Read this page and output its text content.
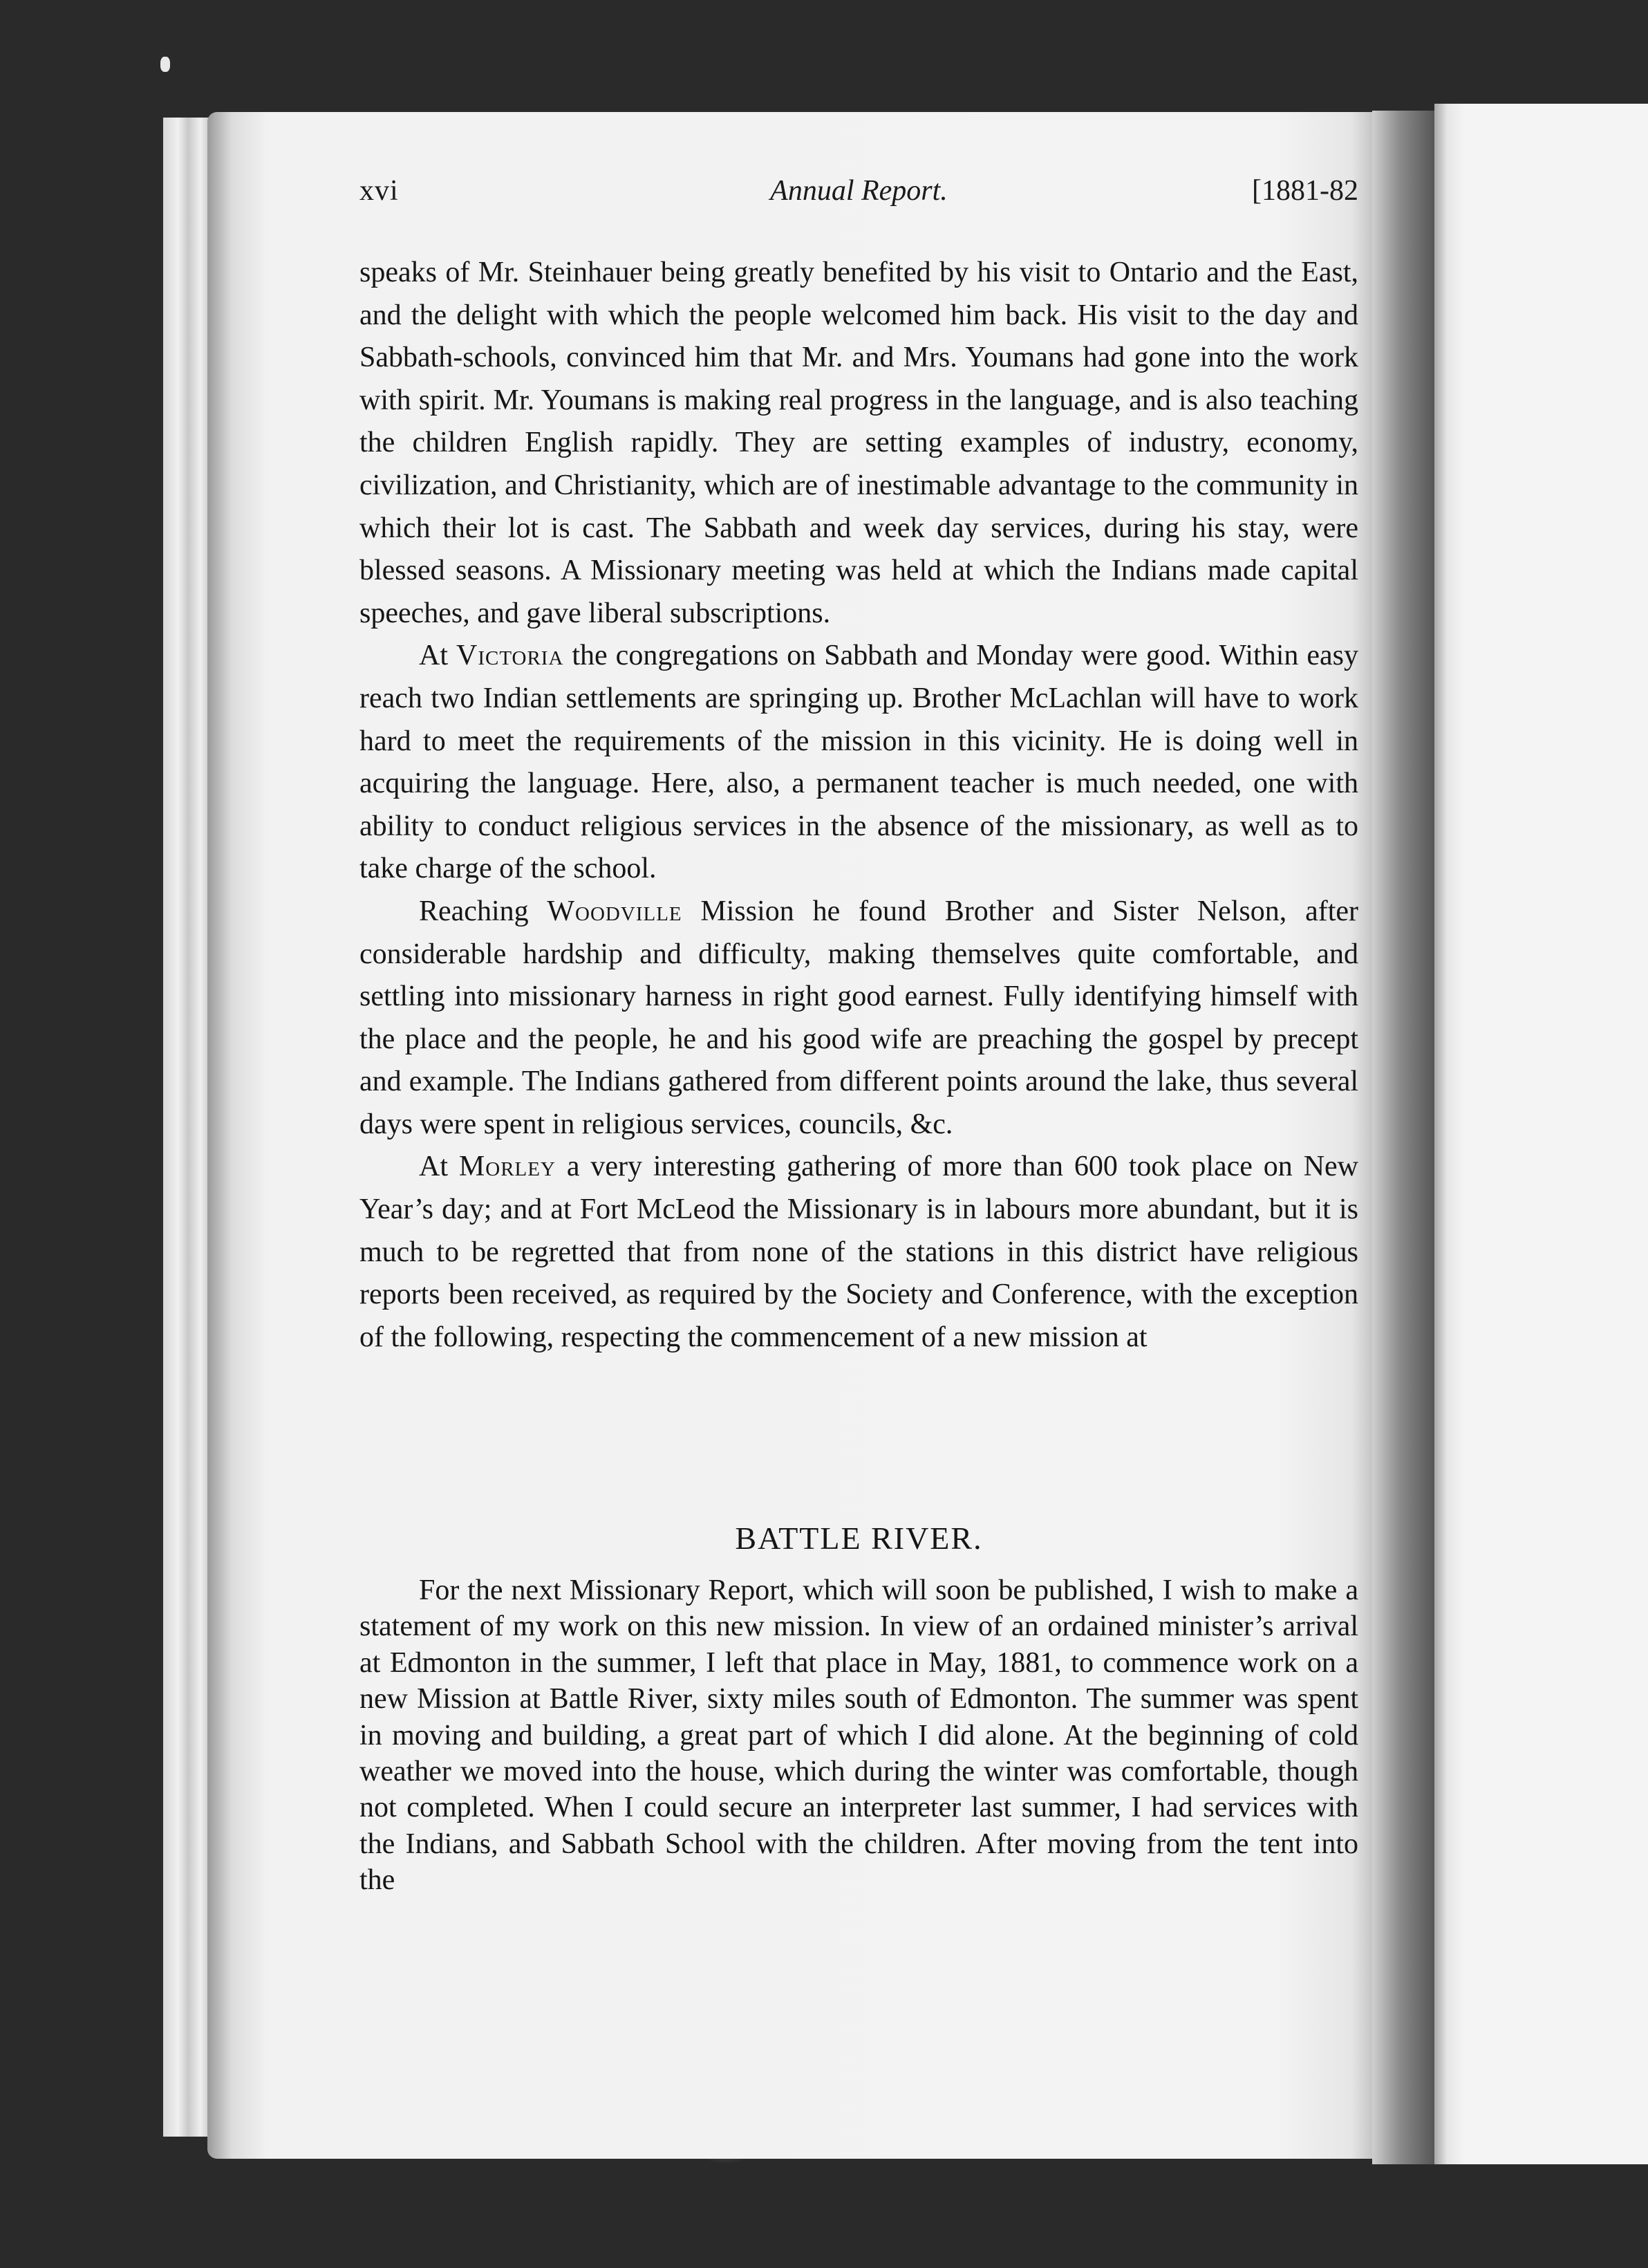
xvi	Annual Report.	[1881-82

speaks of Mr. Steinhauer being greatly benefited by his visit to Ontario and the East, and the delight with which the people welcomed him back. His visit to the day and Sabbath-schools, convinced him that Mr. and Mrs. Youmans had gone into the work with spirit. Mr. Youmans is making real progress in the language, and is also teaching the children English rapidly. They are setting examples of industry, economy, civilization, and Christianity, which are of inestimable advantage to the community in which their lot is cast. The Sabbath and week day services, during his stay, were blessed seasons. A Missionary meeting was held at which the Indians made capital speeches, and gave liberal subscriptions.

At Victoria the congregations on Sabbath and Monday were good. Within easy reach two Indian settlements are springing up. Brother McLachlan will have to work hard to meet the requirements of the mission in this vicinity. He is doing well in acquiring the language. Here, also, a permanent teacher is much needed, one with ability to conduct religious services in the absence of the missionary, as well as to take charge of the school.

Reaching Woodville Mission he found Brother and Sister Nelson, after considerable hardship and difficulty, making themselves quite comfortable, and settling into missionary harness in right good earnest. Fully identifying himself with the place and the people, he and his good wife are preaching the gospel by precept and example. The Indians gathered from different points around the lake, thus several days were spent in religious services, councils, &c.

At Morley a very interesting gathering of more than 600 took place on New Year’s day; and at Fort McLeod the Missionary is in labours more abundant, but it is much to be regretted that from none of the stations in this district have religious reports been received, as required by the Society and Conference, with the exception of the following, respecting the commencement of a new mission at

BATTLE RIVER.

For the next Missionary Report, which will soon be published, I wish to make a statement of my work on this new mission. In view of an ordained minister’s arrival at Edmonton in the summer, I left that place in May, 1881, to commence work on a new Mission at Battle River, sixty miles south of Edmonton. The summer was spent in moving and building, a great part of which I did alone. At the beginning of cold weather we moved into the house, which during the winter was comfortable, though not completed. When I could secure an interpreter last summer, I had services with the Indians, and Sabbath School with the children. After moving from the tent into the
